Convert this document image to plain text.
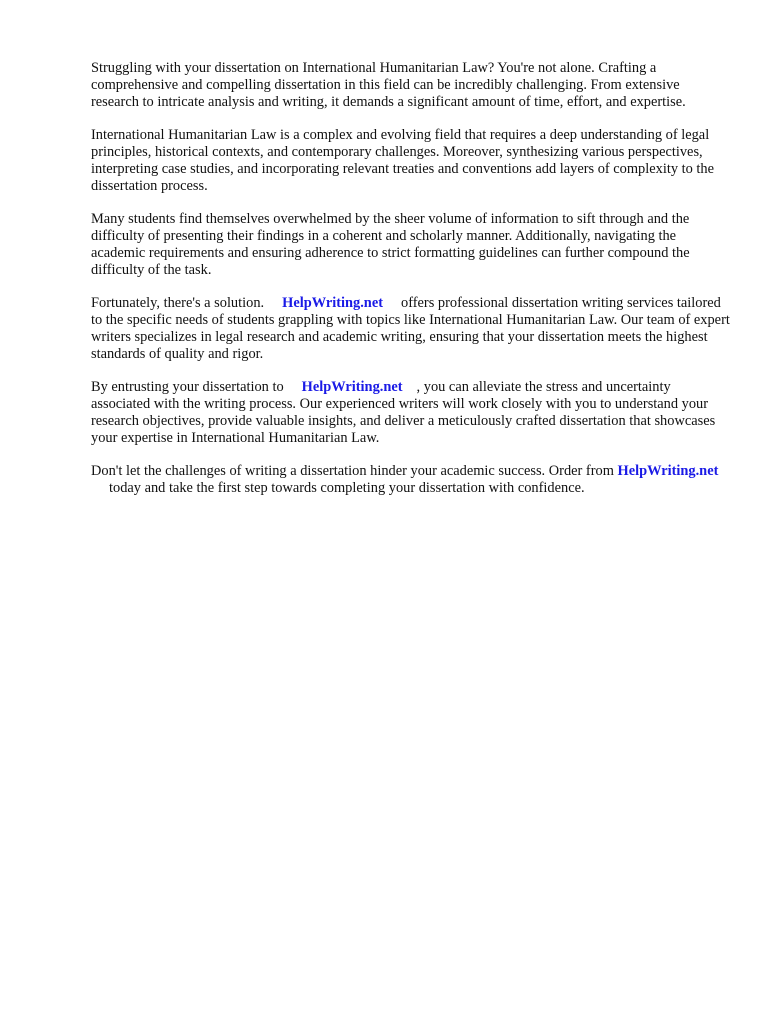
Struggling with your dissertation on International Humanitarian Law? You're not alone. Crafting a comprehensive and compelling dissertation in this field can be incredibly challenging. From extensive research to intricate analysis and writing, it demands a significant amount of time, effort, and expertise.

International Humanitarian Law is a complex and evolving field that requires a deep understanding of legal principles, historical contexts, and contemporary challenges. Moreover, synthesizing various perspectives, interpreting case studies, and incorporating relevant treaties and conventions add layers of complexity to the dissertation process.

Many students find themselves overwhelmed by the sheer volume of information to sift through and the difficulty of presenting their findings in a coherent and scholarly manner. Additionally, navigating the academic requirements and ensuring adherence to strict formatting guidelines can further compound the difficulty of the task.

Fortunately, there's a solution. HelpWriting.net offers professional dissertation writing services tailored to the specific needs of students grappling with topics like International Humanitarian Law. Our team of expert writers specializes in legal research and academic writing, ensuring that your dissertation meets the highest standards of quality and rigor.

By entrusting your dissertation to HelpWriting.net , you can alleviate the stress and uncertainty associated with the writing process. Our experienced writers will work closely with you to understand your research objectives, provide valuable insights, and deliver a meticulously crafted dissertation that showcases your expertise in International Humanitarian Law.

Don't let the challenges of writing a dissertation hinder your academic success. Order from HelpWriting.nettoday and take the first step towards completing your dissertation with confidence.
